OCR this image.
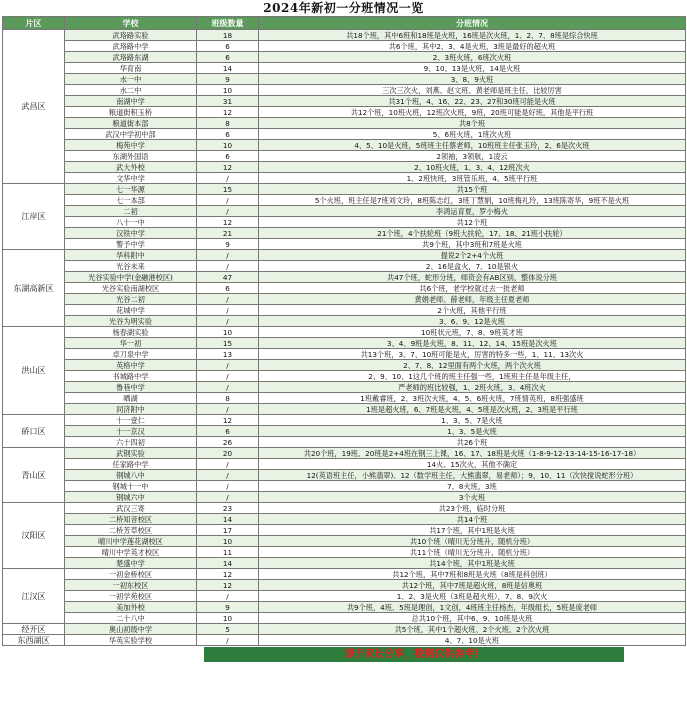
2024年新初一分班情况一览
片区	学校	班级数量	分班情况
武昌区	武珞路实验	18	共18个班，其中6班和18班是火班，16班是次火班，1、2、7、8班是综合快班
	武珞路中学	6	共6个班，其中2、3、4是火班，3班是最好的超火班
	武珞路东湖	6	2、3班火班，6班次火班
	华育南	14	9、10、13是火班，14是火班
	水一中	9	3、8、9火班
	水二中	10	三次三次火，刘燕、赵文班、黄老师是班主任，比较厉害
	南湖中学	31	共31个班，4、16、22、23、27和30班可能是火班
	粮道街积玉桥	12	共12个班，10班火班，12班次火班，9班，20班可能是好班，其他是平行班
	粮道街本部	8	共8个班
	武汉中学初中部	6	5、6班火班，1班次火班
	梅苑中学	10	4、5、10是火班，5班班主任蔡老师，10班班主任张玉玲，2、6是次火班
	东湖外国语	6	2领袖，3领航，1凌云
	武大外校	12	2、10班火班，1、3、4、12班次火
	文华中学	/	1、2班快班，3班管乐班，4、5班平行班
江岸区	七一华源	15	共15个班
	七一本部	/	5个火班，班主任是7班刘文玲，8班陈志红，3班丁慧娟，10班梅礼玲，13班陈寄华，9班不是火班
	二初	/	李鸿运育夏，罗小梅火
	八十一中	12	共12个班
	汉铁中学	21	21个班，4个扶轮班（9班大扶轮，17、18、21班小扶轮）
	警予中学	9	共9个班，其中3班和7班是火班
东湖高新区	华科附中	/	提说2个2+4个火班
	光谷未来	/	2、16是盒火，7、10是银火
	光谷实验中学(金融港校区)	47	共47个班，蛇形分班，师资会有AB区别，整体说分班
	光谷实验南湖校区	6	共6个班，老学校就过去一批老师
	光谷二初	/	黄娟老师、薛老师，年级主任夏老师
	花城中学	/	2个火班，其他平行班
	光谷为明实验	/	3、6、9、12是火班
洪山区	杨春湖实验	10	10班状元班，7、8、9班英才班
	华一初	15	3、4、9班是火班，8、11、12、14、15班是次火班
	卓刀泉中学	13	共13个班，3、7、10班可能是火，厉害的特多一些，1、11、13次火
	英格中学	/	2、7、8、12里面有两个火班，两个次火班
	书城路中学	/	2、9、10、1这几个班的班主任强一些，1班班主任是年级主任，
	鲁巷中学	/	严老师的班比较强，1、2班火班，3、4班次火
	晒湖	8	1班戴睿班，2、3班次火班，4、5、6班火班，7班情英班，8班强盛班
	同济附中	/	1班是超火班，6、7班是火班，4、5班是次火班，2、3班是平行班
硚口区	十一壹仁	12	1、3、5、7是火班
	十一京汉	6	1、3、5是火班
	六十四初	26	共26个班
青山区	武钢实验	20	共20个班，19班、20班是2+4班在钢三上课，16、17、18班是火班（1-8-9-12-13-14-15-16-17-18）
	任家路中学	/	14火、15次火，其他不确定
	钢城八中	/	12(英语班主任，小熊翡翠)、12（数学班主任，大熊翡翠，易老师）；9、10、11（次快搅说蛇形分班）
	钢城十一中	/	7、8火班，3班
	钢城六中	/	3个火班
汉阳区	武汉三寄	23	共23个班，临时分班
	二桥知音校区	14	共14个班
	二桥芳草校区	17	共17个班，其中1班是火班
	晴川中学莲花湖校区	10	共10个班（晴川无分班升，随机分班）
	晴川中学英才校区	11	共11个班（晴川无分班升，随机分班）
	楚盛中学	14	共14个班，其中1班是火班
江汉区	一初金桥校区	12	共12个班，其中7班和8班是火班（8班是科创班）
	一初东校区	12	共12个班，其中7班是超火班，8班是信奥班
	一初学苑校区	/	1、2、3是火班（3班是超火班），7、8、9次火
	美加外校	9	共9个班，4班、5班是理创，1文创，4班班主任杨杰，年级组长，5班是庞老师
	二十八中	10	总共10个班，其中6、9、10班是火班
经开区	奥山初级中学	5	共5个班，其中1个超火班、2个火班、2个次火班
东西湖区	华英实验学校	/	4、7、10是火班
源于家长分享，数据仅供参考！
